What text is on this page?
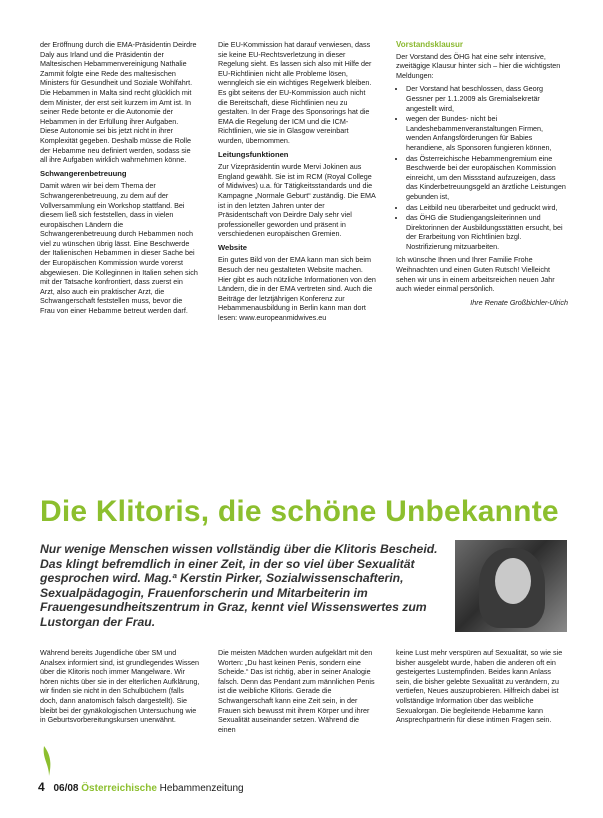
der Eröffnung durch die EMA-Präsidentin Deirdre Daly aus Irland und die Präsidentin der Maltesischen Hebammenvereinigung Nathalie Zammit folgte eine Rede des maltesischen Ministers für Gesundheit und Soziale Wohlfahrt. Die Hebammen in Malta sind recht glücklich mit dem Minister, der erst seit kurzem im Amt ist. In seiner Rede betonte er die Autonomie der Hebammen in der Erfüllung ihrer Aufgaben. Diese Autonomie sei bis jetzt nicht in ihrer Komplexität gegeben. Deshalb müsse die Rolle der Hebamme neu definiert werden, sodass sie all ihre Aufgaben wirklich wahrnehmen könne.

Schwangerenbetreuung

Damit wären wir bei dem Thema der Schwangerenbetreuung, zu dem auf der Vollversammlung ein Workshop stattfand. Bei diesem ließ sich feststellen, dass in vielen europäischen Ländern die Schwangerenbetreuung durch Hebammen noch viel zu wünschen übrig lässt. Eine Beschwerde der Italienischen Hebammen in dieser Sache bei der Europäischen Kommission wurde vorerst abgewiesen. Die Kolleginnen in Italien sehen sich mit der Tatsache konfrontiert, dass zuerst ein Arzt, also auch ein praktischer Arzt, die Schwangerschaft feststellen muss, bevor die Frau von einer Hebamme betreut werden darf.

Die EU-Kommission hat darauf verwiesen, dass sie keine EU-Rechtsverletzung in dieser Regelung sieht. Es lassen sich also mit Hilfe der EU-Richtlinien nicht alle Probleme lösen, wenngleich sie ein wichtiges Regelwerk bleiben. Es gibt seitens der EU-Kommission auch nicht die Bereitschaft, diese Richtlinien neu zu gestalten. In der Frage des Sponsorings hat die EMA die Regelung der ICM und die ICM-Richtlinien, wie sie in Glasgow vereinbart wurden, übernommen.

Leitungsfunktionen

Zur Vizepräsidentin wurde Mervi Jokinen aus England gewählt. Sie ist im RCM (Royal College of Midwives) u.a. für Tätigkeitsstandards und die Kampagne „Normale Geburt“ zuständig. Die EMA ist in den letzten Jahren unter der Präsidentschaft von Deirdre Daly sehr viel professioneller geworden und präsent in verschiedenen europäischen Gremien.

Website

Ein gutes Bild von der EMA kann man sich beim Besuch der neu gestalteten Website machen. Hier gibt es auch nützliche Informationen von den Ländern, die in der EMA vertreten sind. Auch die Beiträge der letztjährigen Konferenz zur Hebammenausbildung in Berlin kann man dort lesen: www.europeanmidwives.eu

Vorstandsklausur

Der Vorstand des ÖHG hat eine sehr intensive, zweitägige Klausur hinter sich – hier die wichtigsten Meldungen:

• Der Vorstand hat beschlossen, dass Georg Gessner per 1.1.2009 als Gremialsekretär angestellt wird,
• wegen der Bundes- nicht bei Landeshebammenveranstaltungen Firmen, wenden Anfangsförderungen für Babies herandiene, als Sponsoren fungieren können,
• das Österreichische Hebammengremium eine Beschwerde bei der europäischen Kommission einreicht, um den Missstand aufzuzeigen, dass das Kinderbetreuungsgeld an ärztliche Leistungen gebunden ist,
• das Leitbild neu überarbeitet und gedruckt wird,
• das ÖHG die Studiengangsleiterinnen und Direktorinnen der Ausbildungsstätten ersucht, bei der Erarbeitung von Richtlinien bzgl. Nostrifizierung mitzuarbeiten.

Ich wünsche Ihnen und Ihrer Familie Frohe Weihnachten und einen Guten Rutsch! Vielleicht sehen wir uns in einem arbeitsreichen neuen Jahr auch wieder einmal persönlich.

Ihre Renate Großbichler-Ulrich
Die Klitoris, die schöne Unbekannte
Nur wenige Menschen wissen vollständig über die Klitoris Bescheid. Das klingt befremdlich in einer Zeit, in der so viel über Sexualität gesprochen wird. Mag.ª Kerstin Pirker, Sozialwissenschafterin, Sexualpädagogin, Frauenforscherin und Mitarbeiterin im Frauengesundheitszentrum in Graz, kennt viel Wissenswertes zum Lustorgan der Frau.

Während bereits Jugendliche über SM und Analsex informiert sind, ist grundlegendes Wissen über die Klitoris noch immer Mangelware. Wir hören nichts über sie in der elterlichen Aufklärung, wir finden sie nicht in den Schulbüchern (falls doch, dann anatomisch falsch dargestellt). Sie bleibt bei der gynäkologischen Untersuchung wie in Geburtsvorbereitungskursen unerwähnt.

Die meisten Mädchen wurden aufgeklärt mit den Worten: „Du hast keinen Penis, sondern eine Scheide.“ Das ist richtig, aber in seiner Analogie falsch. Denn das Pendant zum männlichen Penis ist die weibliche Klitoris. Gerade die Schwangerschaft kann eine Zeit sein, in der Frauen sich bewusst mit ihrem Körper und ihrer Sexualität auseinander setzen. Während die einen

keine Lust mehr verspüren auf Sexualität, so wie sie bisher ausgelebt wurde, haben die anderen oft ein gesteigertes Lustempfinden. Beides kann Anlass sein, die bisher gelebte Sexualität zu verändern, zu vertiefen, Neues auszuprobieren. Hilfreich dabei ist vollständige Information über das weibliche Sexualorgan. Die begleitende Hebamme kann Ansprechpartnerin für diese intimen Fragen sein.

4 06/08 Österreichische Hebammenzeitung
